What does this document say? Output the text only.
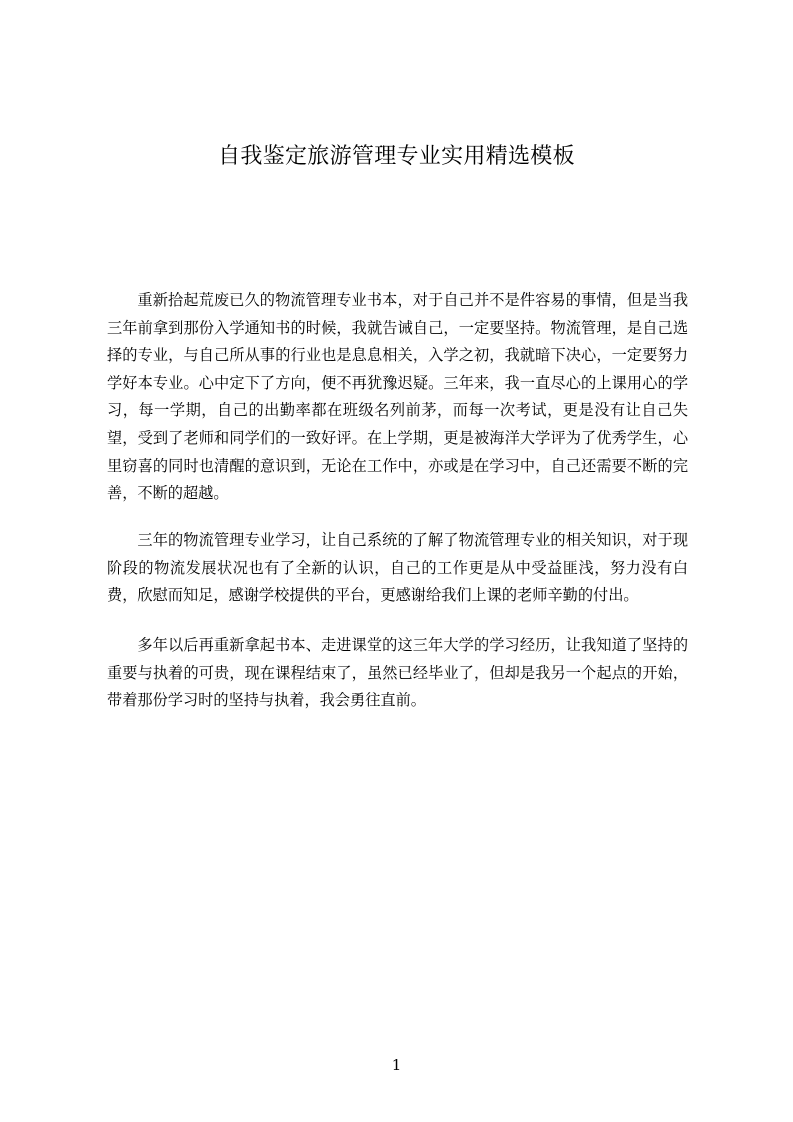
自我鉴定旅游管理专业实用精选模板

重新拾起荒废已久的物流管理专业书本，对于自己并不是件容易的事情，但是当我三年前拿到那份入学通知书的时候，我就告诫自己，一定要坚持。物流管理，是自己选择的专业，与自己所从事的行业也是息息相关，入学之初，我就暗下决心，一定要努力学好本专业。心中定下了方向，便不再犹豫迟疑。三年来，我一直尽心的上课用心的学习，每一学期，自己的出勤率都在班级名列前茅，而每一次考试，更是没有让自己失望，受到了老师和同学们的一致好评。在上学期，更是被海洋大学评为了优秀学生，心里窃喜的同时也清醒的意识到，无论在工作中，亦或是在学习中，自己还需要不断的完善，不断的超越。

三年的物流管理专业学习，让自己系统的了解了物流管理专业的相关知识，对于现阶段的物流发展状况也有了全新的认识，自己的工作更是从中受益匪浅，努力没有白费，欣慰而知足，感谢学校提供的平台，更感谢给我们上课的老师辛勤的付出。

多年以后再重新拿起书本、走进课堂的这三年大学的学习经历，让我知道了坚持的重要与执着的可贵，现在课程结束了，虽然已经毕业了，但却是我另一个起点的开始，带着那份学习时的坚持与执着，我会勇往直前。

1
